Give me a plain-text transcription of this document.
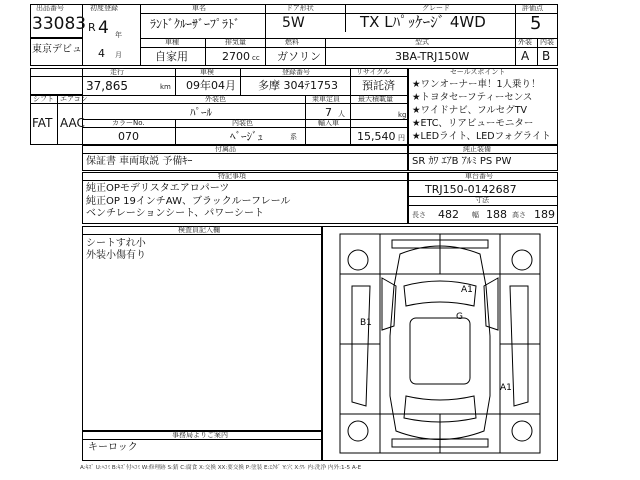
出品番号
33083
東京デビュ
初度登録
R 4 年
4 月
車名
ﾗﾝﾄﾞｸﾙｰｻﾞｰﾌﾟﾗﾄﾞ
ドア形状
5W
グレード
TX Lﾊﾟｯｹｰｼﾞ 4WD
評価点
5
車種
自家用
排気量
2700 cc
燃料
ガソリン
型式
3BA-TRJ150W
外装 内装
A B
走行
37,865	km
車検
09年04月
登録番号
多摩 304ﾃ1753
リサイクル
預託済
シフト エアコン
FAT AAC
外装色
ﾊﾟｰﾙ
乗車定員
7 人
最大積載量
kg
カラーNo.
070
内装色
ﾍﾞｰｼﾞｭ	系
輸入車
15,540 円
セールスポイント
★ワンオーナー車！1人乗り！
★トヨタセーフティーセンス
★ワイドナビ、フルセグTV
★ETC、リアビューモニター
★LEDライト、LEDフォグライト
純正装備
SR ｶﾜ ｴｱB ｱﾙﾐ PS PW
付属品
保証書 車両取説 予備ｷｰ
特記事項
純正OPモデリスタエアロパーツ
純正OP 19インチAW、ブラックルーフレール
ベンチレーションシート、パワーシート
車台番号
TRJ150-0142687
寸法
長さ 482 幅 188 高さ 189
検査員記入欄
シートすれ小
外装小傷有り
事務局よりご案内
キーロック
A1
B1
G
A1
A:ｷｽﾞ U:ﾍｺﾐ B:ｷｽﾞ付ﾍｺﾐ W:修理跡 S:錆 C:腐食 X:交換 XX:要交換 P:塗装 E:ｴｸﾎﾞ Y:穴 X:ﾜﾚ 内:洗浄 内外:1-5 A-E
